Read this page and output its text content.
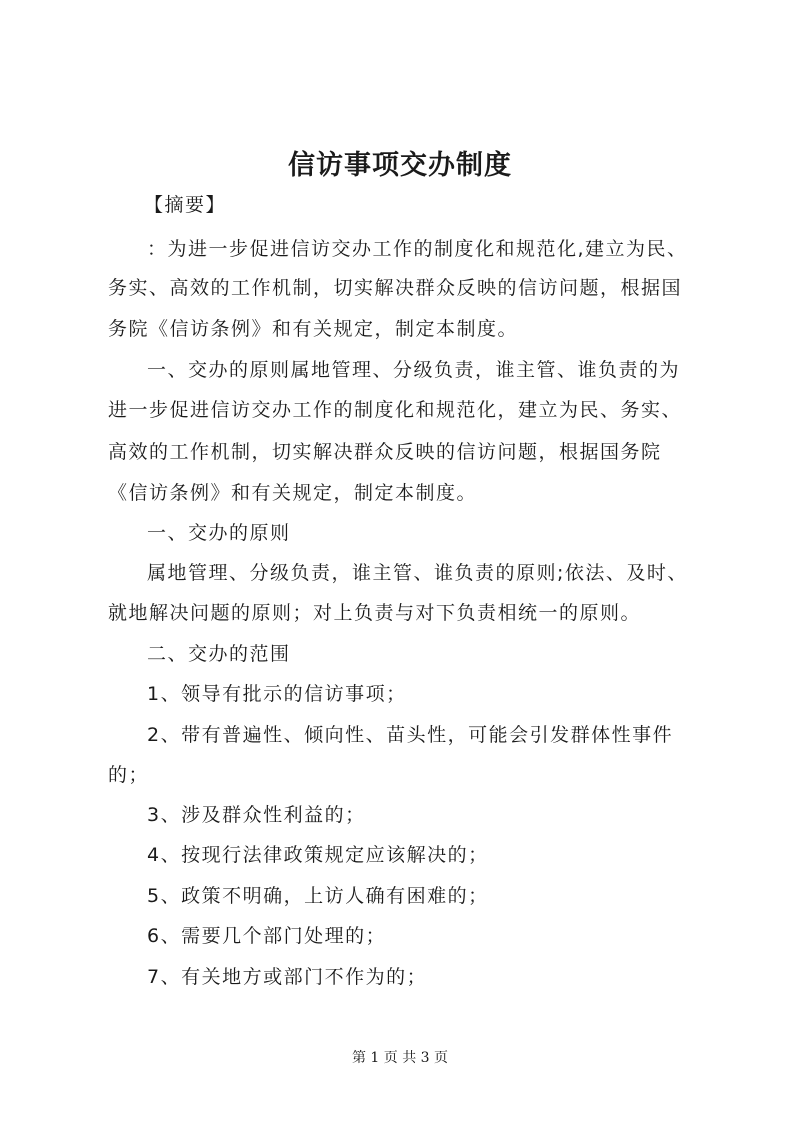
信访事项交办制度
【摘要】
：为进一步促进信访交办工作的制度化和规范化,建立为民、
务实、高效的工作机制，切实解决群众反映的信访问题，根据国
务院《信访条例》和有关规定，制定本制度。
一、交办的原则属地管理、分级负责，谁主管、谁负责的为
进一步促进信访交办工作的制度化和规范化，建立为民、务实、
高效的工作机制，切实解决群众反映的信访问题，根据国务院
《信访条例》和有关规定，制定本制度。
一、交办的原则
属地管理、分级负责，谁主管、谁负责的原则;依法、及时、
就地解决问题的原则；对上负责与对下负责相统一的原则。
二、交办的范围
1、领导有批示的信访事项；
2、带有普遍性、倾向性、苗头性，可能会引发群体性事件
的；
3、涉及群众性利益的；
4、按现行法律政策规定应该解决的；
5、政策不明确，上访人确有困难的；
6、需要几个部门处理的；
7、有关地方或部门不作为的；
第 1 页 共 3 页
